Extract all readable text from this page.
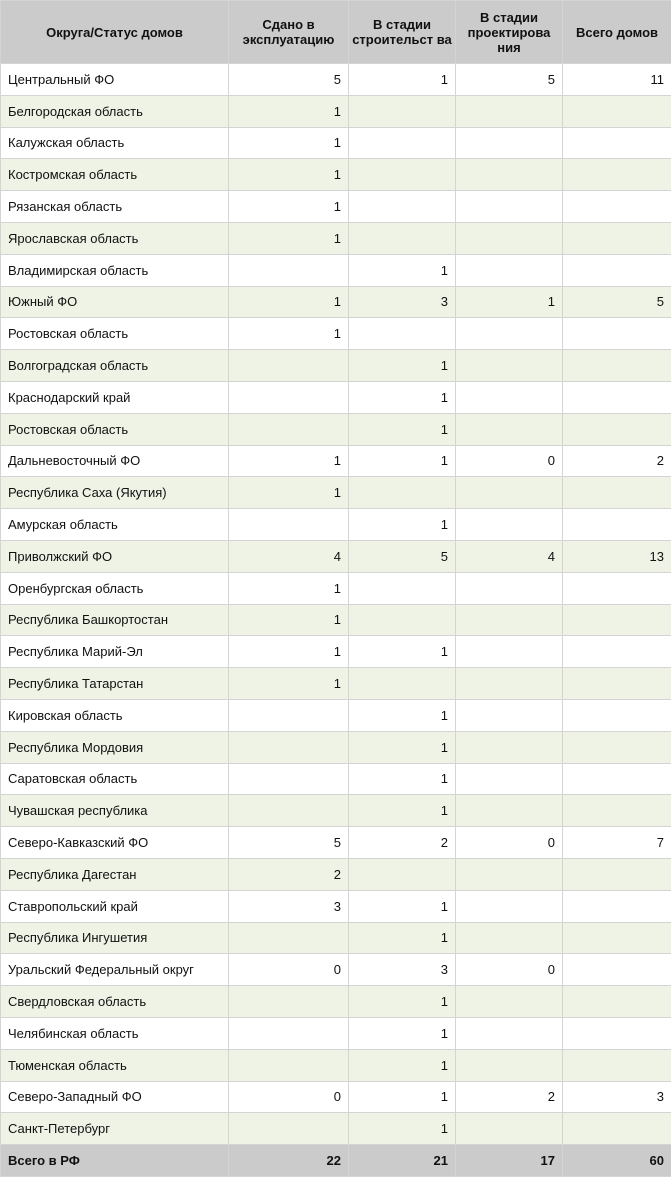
Округа/Статус домов	Сдано в эксплуатацию	В стадии строительст ва	В стадии проектирова ния	Всего домов
Центральный ФО	5	1	5	11
Белгородская область	1			
Калужская область	1			
Костромская область	1			
Рязанская область	1			
Ярославская область	1			
Владимирская область		1		
Южный ФО	1	3	1	5
Ростовская область	1			
Волгоградская область		1		
Краснодарский край		1		
Ростовская область		1		
Дальневосточный ФО	1	1	0	2
Республика Саха (Якутия)	1			
Амурская область		1		
Приволжский ФО	4	5	4	13
Оренбургская область	1			
Республика Башкортостан	1			
Республика Марий-Эл	1	1		
Республика Татарстан	1			
Кировская область		1		
Республика Мордовия		1		
Саратовская область		1		
Чувашская республика		1		
Северо-Кавказский ФО	5	2	0	7
Республика Дагестан	2			
Ставропольский край	3	1		
Республика Ингушетия		1		
Уральский Федеральный округ	0	3	0	
Свердловская область		1		
Челябинская область		1		
Тюменская область		1		
Северо-Западный ФО	0	1	2	3
Санкт-Петербург		1		
Всего в РФ	22	21	17	60
